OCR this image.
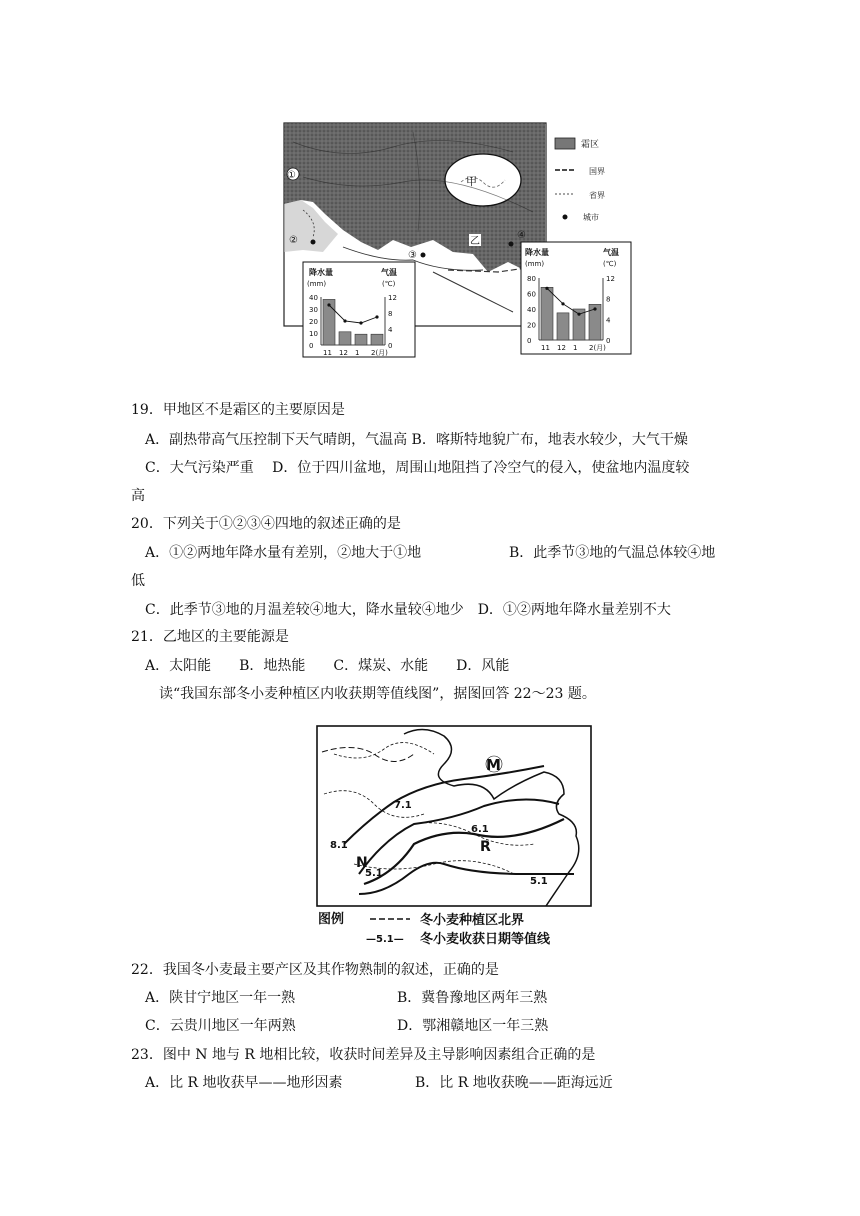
①
②
③
④
甲
乙
霜区
国界
省界
城市
降水量
(mm)
气温
(℃)
40
30
20
10
0
12
8
4
0
11 12 1 2(月)
降水量
(mm)
气温
(℃)
80
60
40
20
0
12
8
4
0
11 12 1 2(月)
19．甲地区不是霜区的主要原因是
A．副热带高气压控制下天气晴朗，气温高 B．喀斯特地貌广布，地表水较少，大气干燥
C．大气污染严重　 D．位于四川盆地，周围山地阻挡了冷空气的侵入，使盆地内温度较
高
20．下列关于①②③④四地的叙述正确的是
A．①②两地年降水量有差别，②地大于①地	B．此季节③地的气温总体较④地
低
C．此季节③地的月温差较④地大，降水量较④地少　D．①②两地年降水量差别不大
21．乙地区的主要能源是
A．太阳能　　B．地热能　　C．煤炭、水能　　D．风能
读“我国东部冬小麦种植区内收获期等值线图”，据图回答 22～23 题。
M
7.1
8.1
6.1
R
N
5.1
5.1
图例	冬小麦种植区北界
—5.1— 冬小麦收获日期等值线
22．我国冬小麦最主要产区及其作物熟制的叙述，正确的是
A．陕甘宁地区一年一熟	B．冀鲁豫地区两年三熟
C．云贵川地区一年两熟	D．鄂湘赣地区一年三熟
23．图中 N 地与 R 地相比较，收获时间差异及主导影响因素组合正确的是
A．比 R 地收获早——地形因素	B．比 R 地收获晚——距海远近
